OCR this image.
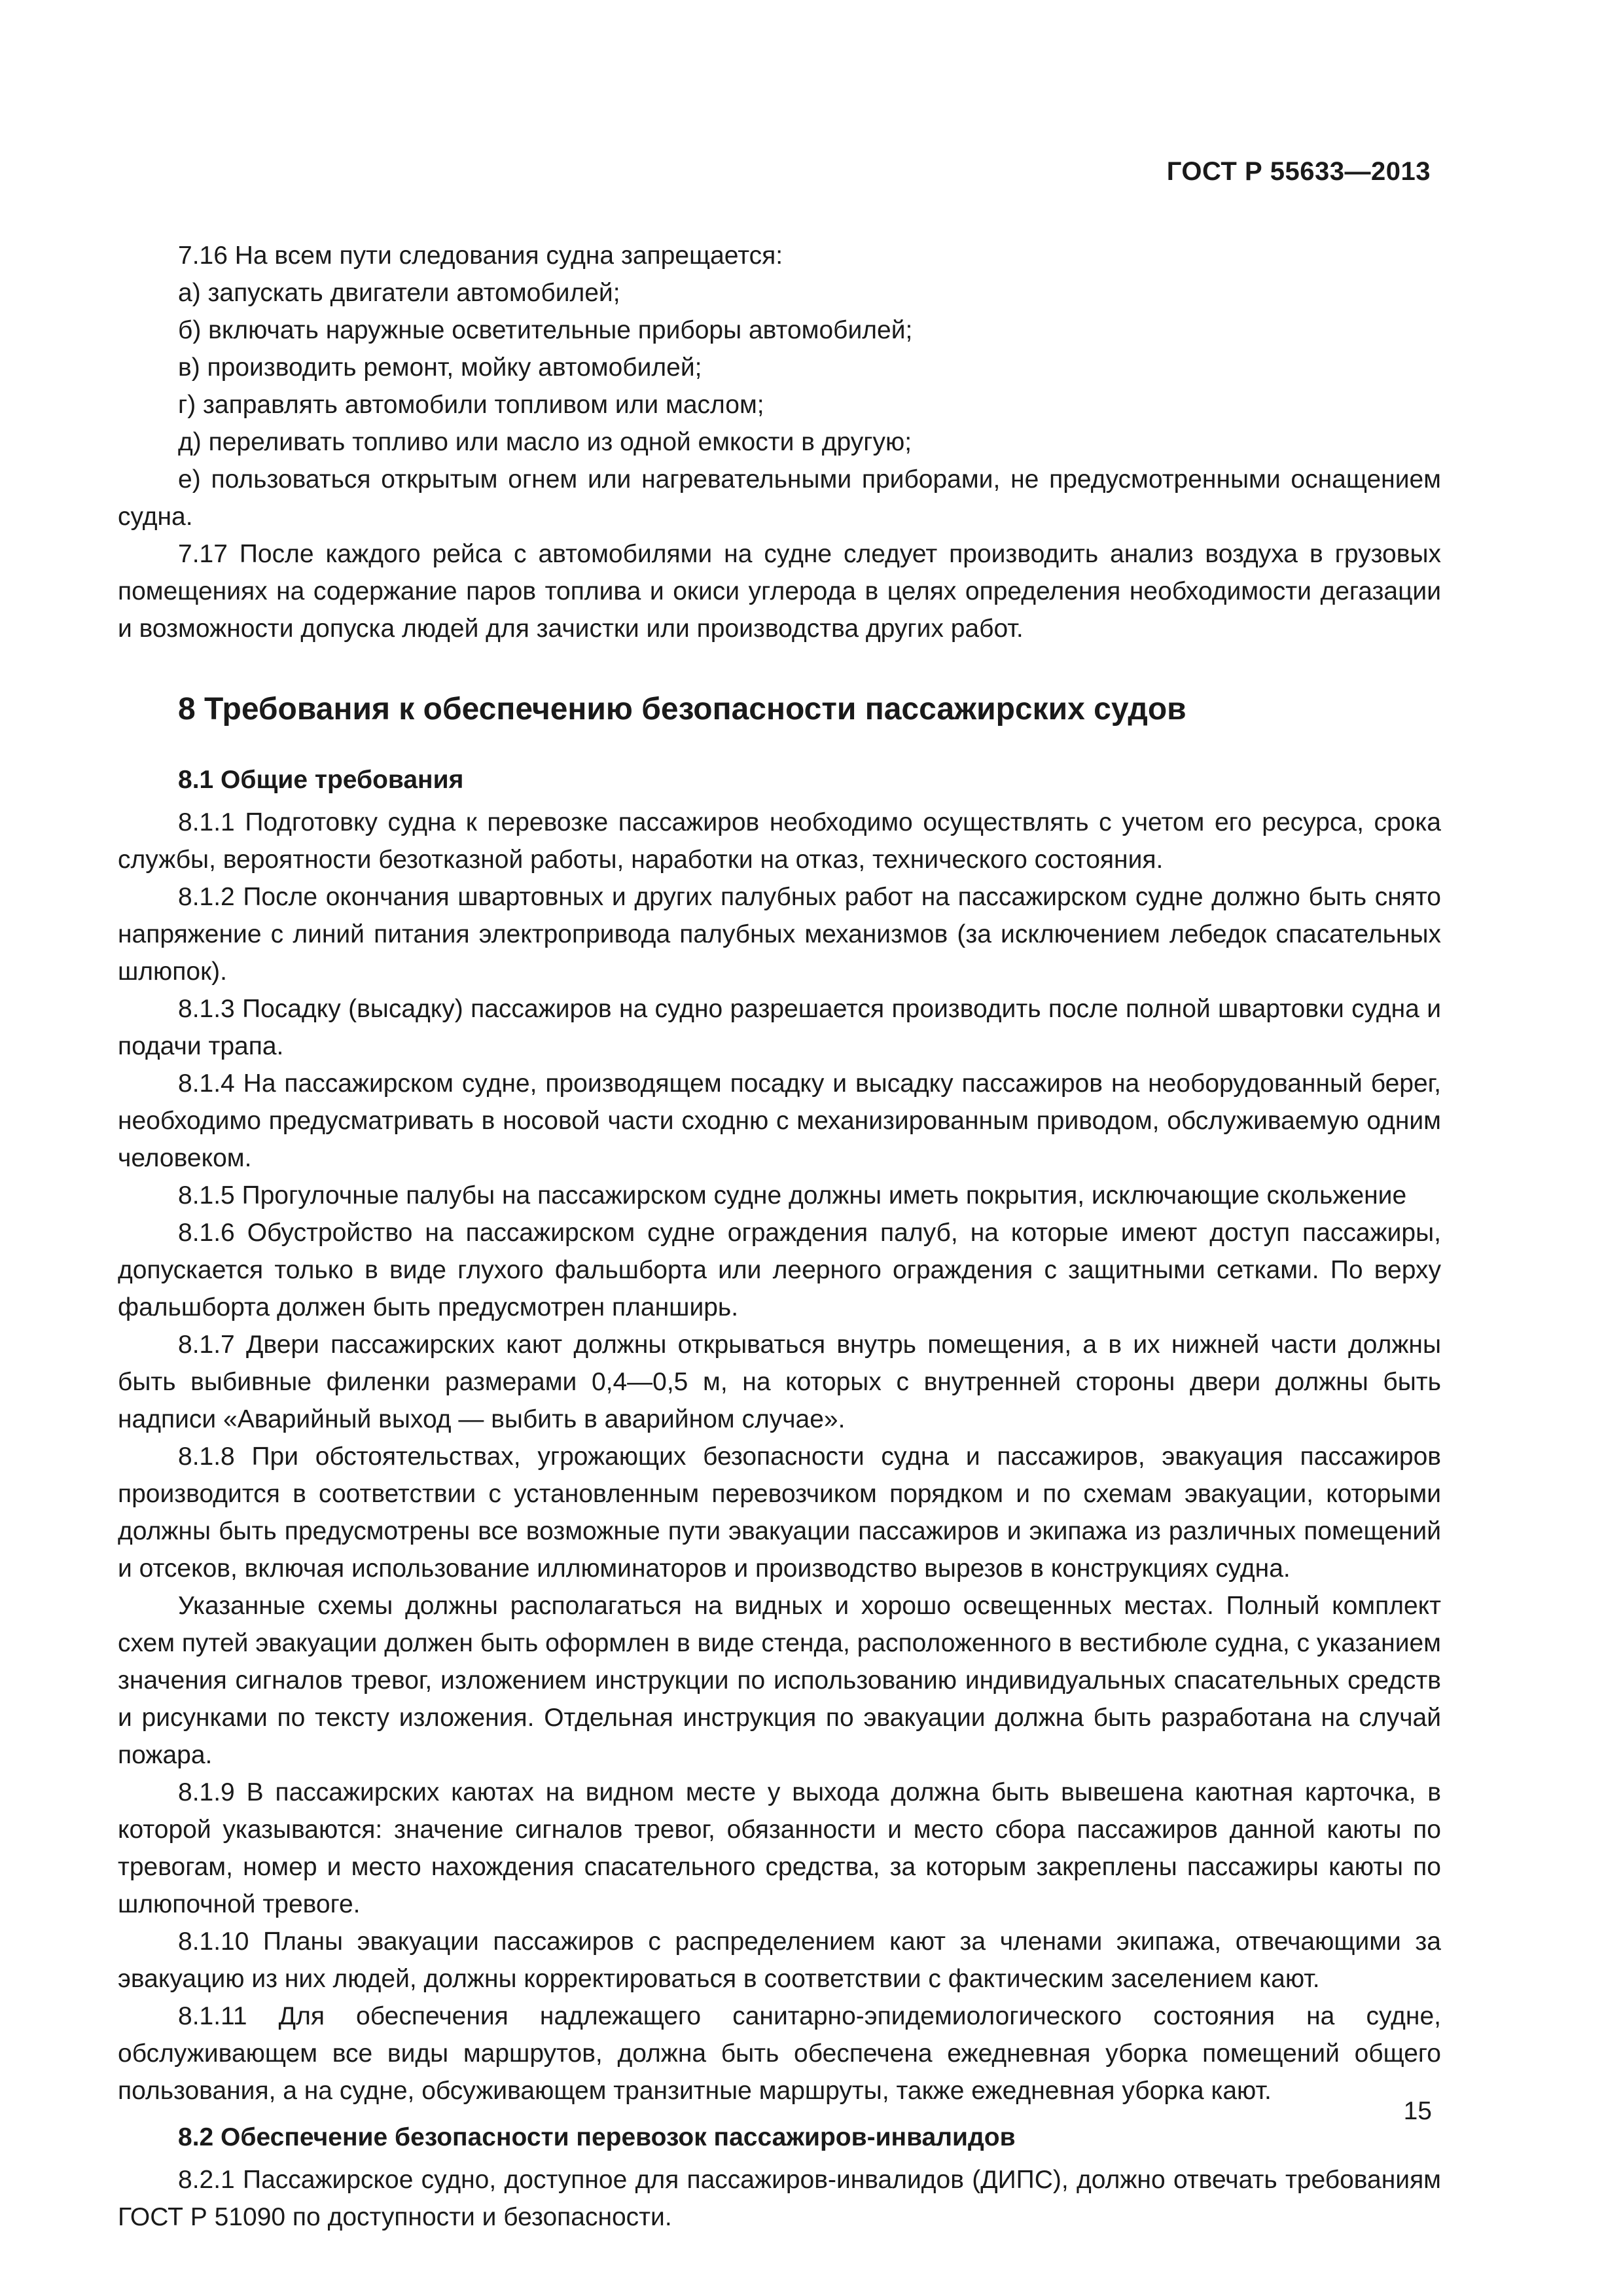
ГОСТ Р 55633—2013

7.16 На всем пути следования судна запрещается:

а) запускать двигатели автомобилей;

б) включать наружные осветительные приборы автомобилей;

в) производить ремонт, мойку автомобилей;

г) заправлять автомобили топливом или маслом;

д) переливать топливо или масло из одной емкости в другую;

е) пользоваться открытым огнем или нагревательными приборами, не предусмотренными оснащением судна.

7.17 После каждого рейса с автомобилями на судне следует производить анализ воздуха в грузовых помещениях на содержание паров топлива и окиси углерода в целях определения необходимости дегазации и возможности допуска людей для зачистки или производства других работ.

8 Требования к обеспечению безопасности пассажирских судов
8.1 Общие требования

8.1.1 Подготовку судна к перевозке пассажиров необходимо осуществлять с учетом его ресурса, срока службы, вероятности безотказной работы, наработки на отказ, технического состояния.

8.1.2 После окончания швартовных и других палубных работ на пассажирском судне должно быть снято напряжение с линий питания электропривода палубных механизмов (за исключением лебедок спасательных шлюпок).

8.1.3 Посадку (высадку) пассажиров на судно разрешается производить после полной швартовки судна и подачи трапа.

8.1.4 На пассажирском судне, производящем посадку и высадку пассажиров на необорудованный берег, необходимо предусматривать в носовой части сходню с механизированным приводом, обслуживаемую одним человеком.

8.1.5 Прогулочные палубы на пассажирском судне должны иметь покрытия, исключающие скольжение

8.1.6 Обустройство на пассажирском судне ограждения палуб, на которые имеют доступ пассажиры, допускается только в виде глухого фальшборта или леерного ограждения с защитными сетками. По верху фальшборта должен быть предусмотрен планширь.

8.1.7 Двери пассажирских кают должны открываться внутрь помещения, а в их нижней части должны быть выбивные филенки размерами 0,4—0,5 м, на которых с внутренней стороны двери должны быть надписи «Аварийный выход — выбить в аварийном случае».

8.1.8 При обстоятельствах, угрожающих безопасности судна и пассажиров, эвакуация пассажиров производится в соответствии с установленным перевозчиком порядком и по схемам эвакуации, которыми должны быть предусмотрены все возможные пути эвакуации пассажиров и экипажа из различных помещений и отсеков, включая использование иллюминаторов и производство вырезов в конструкциях судна.

Указанные схемы должны располагаться на видных и хорошо освещенных местах. Полный комплект схем путей эвакуации должен быть оформлен в виде стенда, расположенного в вестибюле судна, с указанием значения сигналов тревог, изложением инструкции по использованию индивидуальных спасательных средств и рисунками по тексту изложения. Отдельная инструкция по эвакуации должна быть разработана на случай пожара.

8.1.9 В пассажирских каютах на видном месте у выхода должна быть вывешена каютная карточка, в которой указываются: значение сигналов тревог, обязанности и место сбора пассажиров данной каюты по тревогам, номер и место нахождения спасательного средства, за которым закреплены пассажиры каюты по шлюпочной тревоге.

8.1.10 Планы эвакуации пассажиров с распределением кают за членами экипажа, отвечающими за эвакуацию из них людей, должны корректироваться в соответствии с фактическим заселением кают.

8.1.11 Для обеспечения надлежащего санитарно-эпидемиологического состояния на судне, обслуживающем все виды маршрутов, должна быть обеспечена ежедневная уборка помещений общего пользования, а на судне, обсуживающем транзитные маршруты, также ежедневная уборка кают.

8.2 Обеспечение безопасности перевозок пассажиров-инвалидов

8.2.1 Пассажирское судно, доступное для пассажиров-инвалидов (ДИПС), должно отвечать требованиям ГОСТ Р 51090 по доступности и безопасности.

15
